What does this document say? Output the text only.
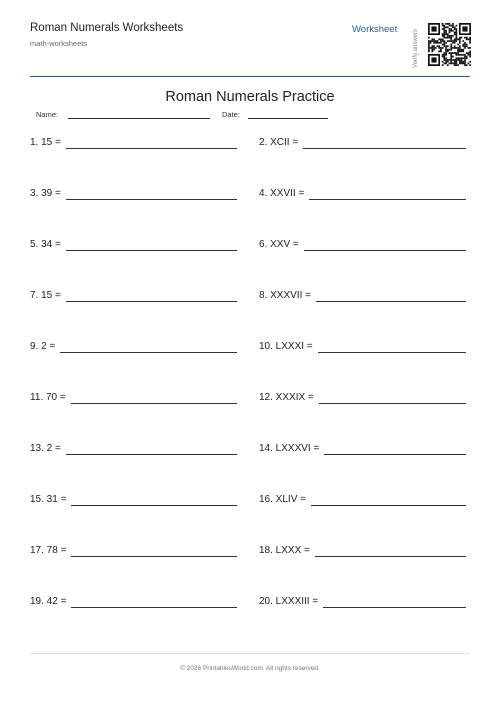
Roman Numerals Worksheets
math-worksheets
Worksheet	Verify answers
Roman Numerals Practice
Name:	Date:
1. 15 =	2. XCII =
3. 39 =	4. XXVII =
5. 34 =	6. XXV =
7. 15 =	8. XXXVII =
9. 2 =	10. LXXXI =
11. 70 =	12. XXXIX =
13. 2 =	14. LXXXVI =
15. 31 =	16. XLIV =
17. 78 =	18. LXXX =
19. 42 =	20. LXXXIII =
© 2026 PrintablesWorld.com. All rights reserved.
